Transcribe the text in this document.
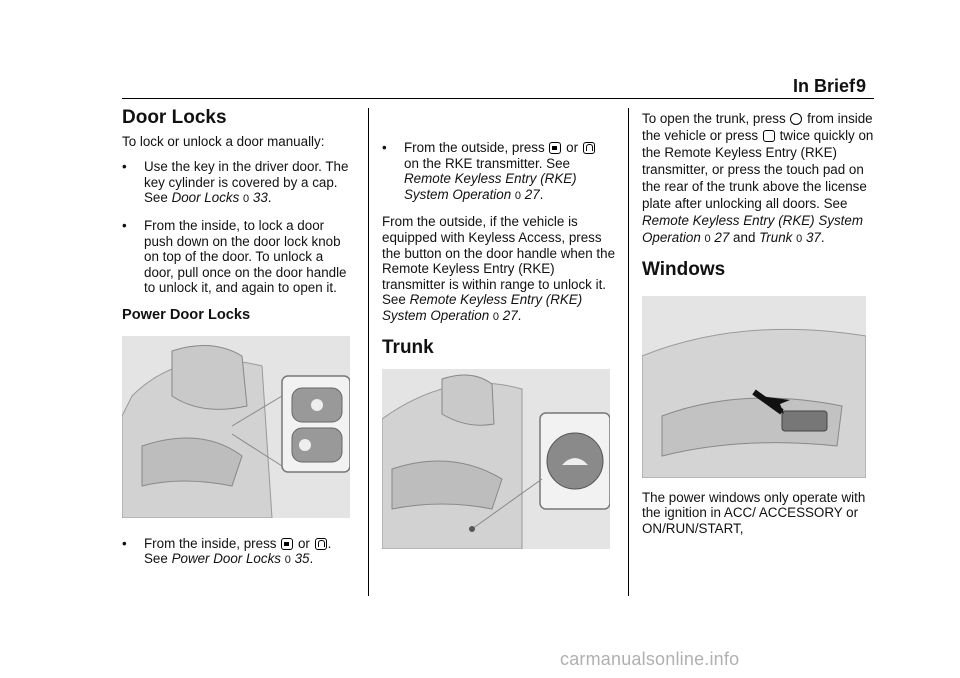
In Brief 9
Door Locks

To lock or unlock a door manually:

• Use the key in the driver door. The key cylinder is covered by a cap. See Door Locks 0 33.
• From the inside, to lock a door push down on the door lock knob on top of the door. To unlock a door, pull once on the door handle to unlock it, and again to open it.
Power Door Locks
• From the inside, press or .
See Power Door Locks 0 35.
• From the outside, press or
on the RKE transmitter. See Remote Keyless Entry (RKE) System Operation 0 27.

From the outside, if the vehicle is equipped with Keyless Access, press the button on the door handle when the Remote Keyless Entry (RKE) transmitter is within range to unlock it. See Remote Keyless Entry (RKE) System Operation 0 27.

Trunk

To open the trunk, press from inside the vehicle or press twice quickly on the Remote Keyless Entry (RKE) transmitter, or press the touch pad on the rear of the trunk above the license plate after unlocking all doors. See Remote Keyless Entry (RKE) System Operation 0 27 and Trunk 0 37.

Windows

The power windows only operate with the ignition in ACC/ ACCESSORY or ON/RUN/START,

carmanualsonline.info
